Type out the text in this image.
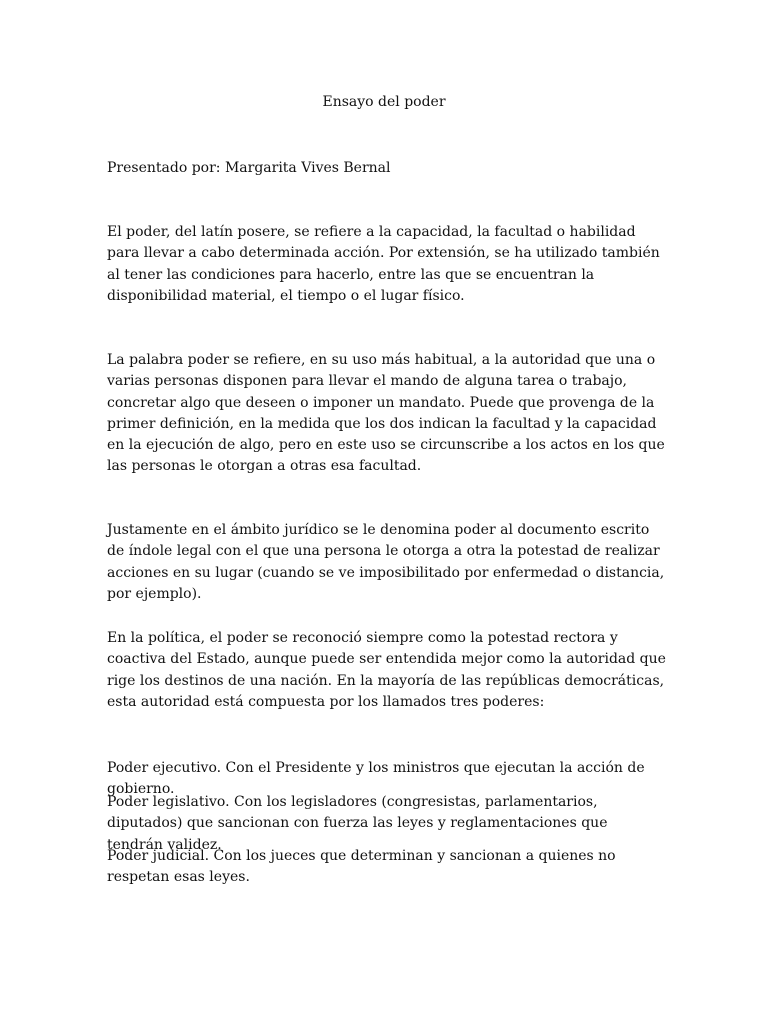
Ensayo del poder
Presentado por: Margarita Vives Bernal

El poder, del latín posere, se refiere a la capacidad, la facultad o habilidad para llevar a cabo determinada acción. Por extensión, se ha utilizado también al tener las condiciones para hacerlo, entre las que se encuentran la disponibilidad material, el tiempo o el lugar físico.

La palabra poder se refiere, en su uso más habitual, a la autoridad que una o varias personas disponen para llevar el mando de alguna tarea o trabajo, concretar algo que deseen o imponer un mandato. Puede que provenga de la primer definición, en la medida que los dos indican la facultad y la capacidad en la ejecución de algo, pero en este uso se circunscribe a los actos en los que las personas le otorgan a otras esa facultad.

Justamente en el ámbito jurídico se le denomina poder al documento escrito de índole legal con el que una persona le otorga a otra la potestad de realizar acciones en su lugar (cuando se ve imposibilitado por enfermedad o distancia, por ejemplo).

En la política, el poder se reconoció siempre como la potestad rectora y coactiva del Estado, aunque puede ser entendida mejor como la autoridad que rige los destinos de una nación. En la mayoría de las repúblicas democráticas, esta autoridad está compuesta por los llamados tres poderes:

Poder ejecutivo. Con el Presidente y los ministros que ejecutan la acción de gobierno.

Poder legislativo. Con los legisladores (congresistas, parlamentarios, diputados) que sancionan con fuerza las leyes y reglamentaciones que tendrán validez.

Poder judicial. Con los jueces que determinan y sancionan a quienes no respetan esas leyes.
